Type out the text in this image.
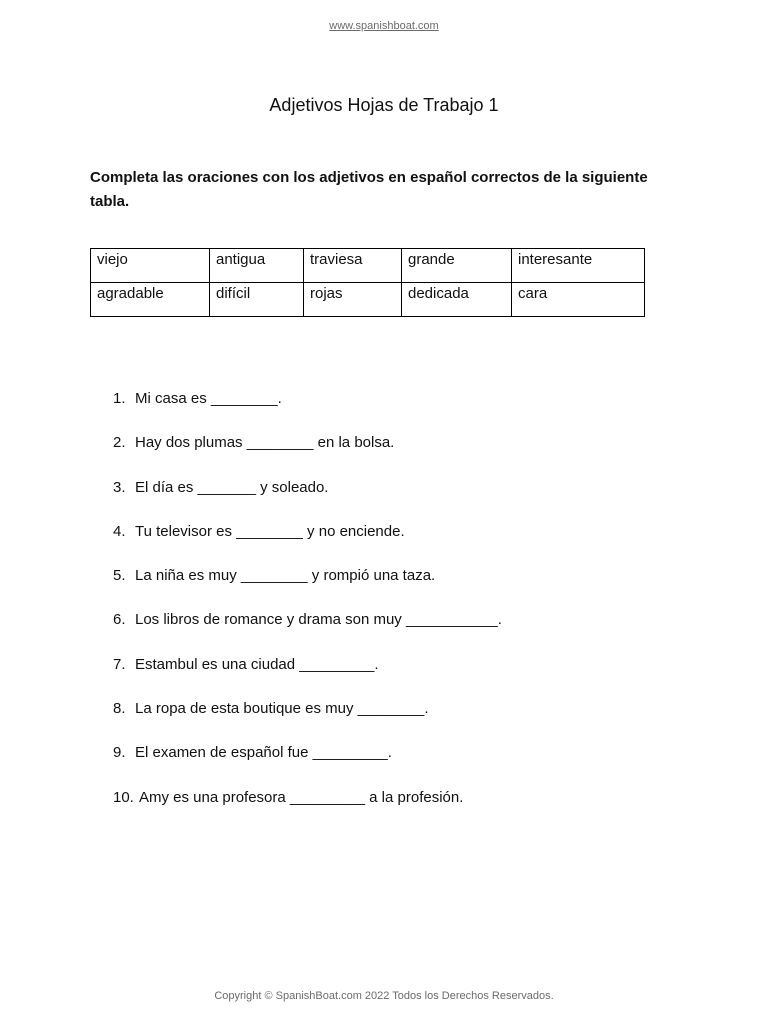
www.spanishboat.com
Adjetivos Hojas de Trabajo 1
Completa las oraciones con los adjetivos en español correctos de la siguiente tabla.
viejo	antigua	traviesa	grande	interesante
agradable	difícil	rojas	dedicada	cara
1. Mi casa es ________.
2. Hay dos plumas ________ en la bolsa.
3. El día es _______ y soleado.
4. Tu televisor es ________ y no enciende.
5. La niña es muy ________ y rompió una taza.
6. Los libros de romance y drama son muy ___________.
7. Estambul es una ciudad _________.
8. La ropa de esta boutique es muy ________.
9. El examen de español fue _________.
10. Amy es una profesora _________ a la profesión.
Copyright © SpanishBoat.com 2022 Todos los Derechos Reservados.
